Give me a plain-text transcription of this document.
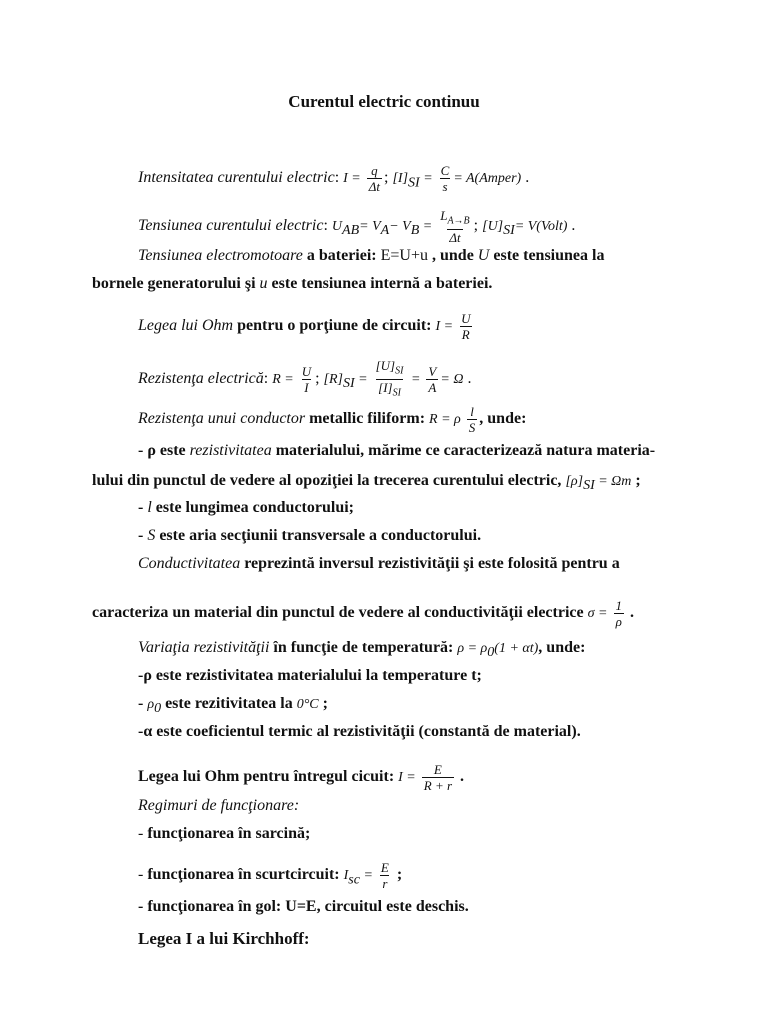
Curentul electric continuu
Intensitatea curentului electric: $I = \frac{q}{\Delta t}$ ; $[I]_{SI} = \frac{C}{s}$ = A(Amper) .
Tensiunea curentului electric: $U_{AB}= V_A- V_B = \frac{L_{A\to B}}{\Delta t}$ ; $[U]_{SI}=$ V(Volt) .
Tensiunea electromotoare a bateriei: E=U+u , unde U este tensiunea la
bornele generatorului şi u este tensiunea internă a bateriei.
Legea lui Ohm pentru o porţiune de circuit: $I = \frac{U}{R}$
Rezistenţa electrică: $R = \frac{U}{I}$ ; $[R]_{SI} = \frac{[U]_{SI}}{[I]_{SI}} = \frac{V}{A} = \Omega$ .
Rezistenţa unui conductor metallic filiform: R = ρ $\frac{l}{S}$ , unde:
- ρ este rezistivitatea materialului, mărime ce caracterizează natura materia-
lului din punctul de vedere al opoziţiei la trecerea curentului electric, $[\rho]_{SI} = \Omega m$ ;
- l este lungimea conductorului;
- S este aria secţiunii transversale a conductorului.
Conductivitatea reprezintă inversul rezistivităţii şi este folosită pentru a
caracteriza un material din punctul de vedere al conductivităţii electrice $\sigma = \frac{1}{\rho}$ .
Variaţia rezistivităţii în funcţie de temperatură: $\rho = \rho_0(1 + \alpha t)$, unde:
-ρ este rezistivitatea materialului la temperature t;
- $\rho_0$ este rezitivitatea la 0°C ;
-α este coeficientul termic al rezistivităţii (constantă de material).
Legea lui Ohm pentru întregul cicuit: $I = \frac{E}{R + r}$ .
Regimuri de funcţionare:
- funcţionarea în sarcină;
- funcţionarea în scurtcircuit: $I_{sc} = \frac{E}{r}$ ;
- funcţionarea în gol: U=E, circuitul este deschis.
Legea I a lui Kirchhoff:
